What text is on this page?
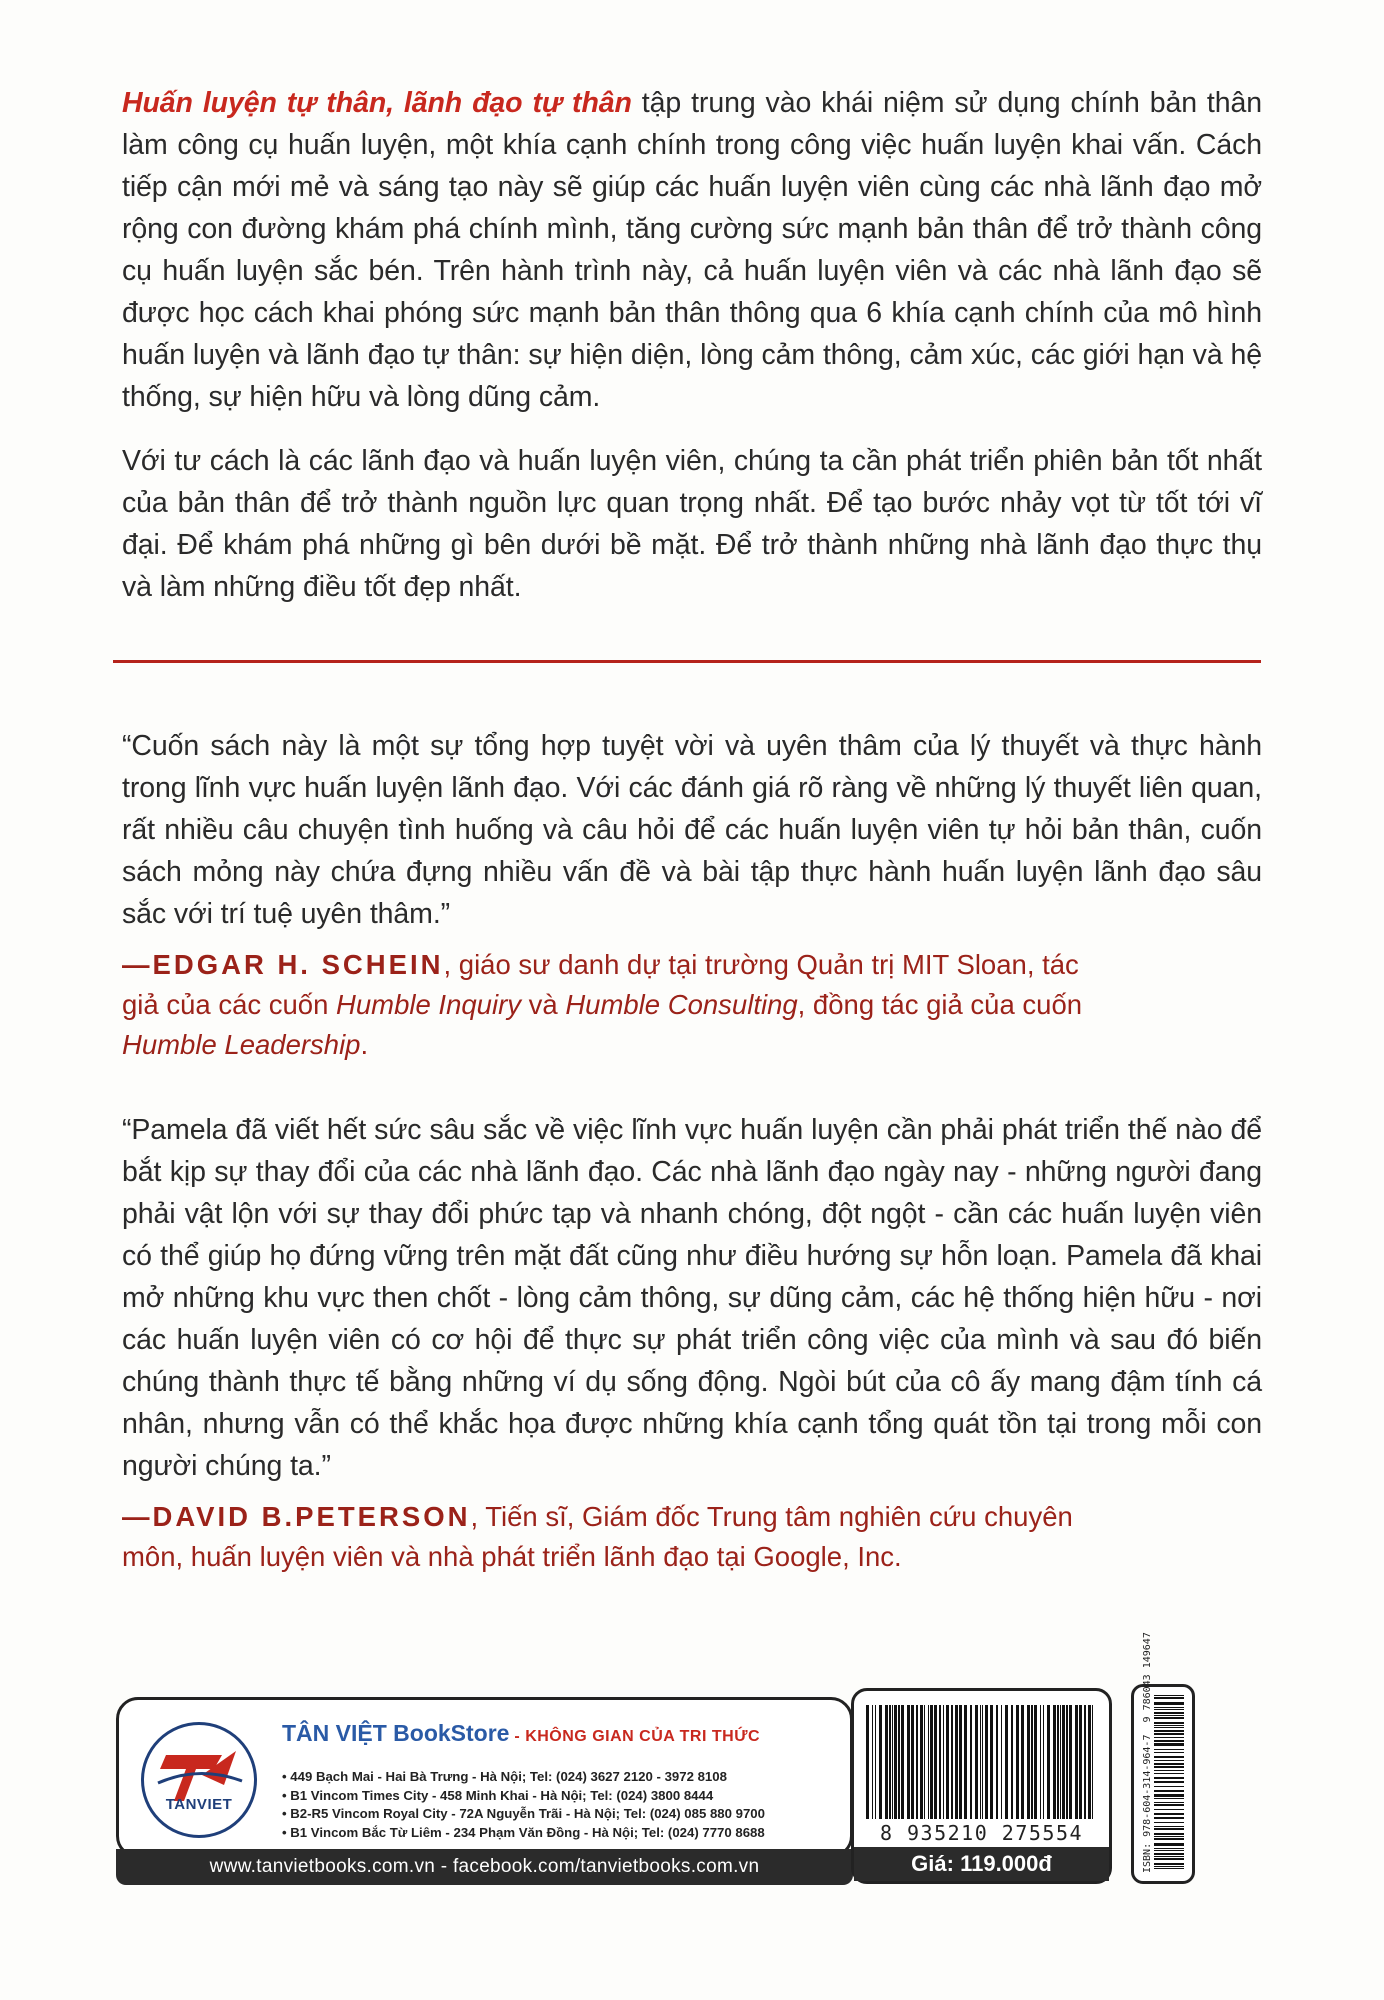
Huấn luyện tự thân, lãnh đạo tự thân tập trung vào khái niệm sử dụng chính bản thân làm công cụ huấn luyện, một khía cạnh chính trong công việc huấn luyện khai vấn. Cách tiếp cận mới mẻ và sáng tạo này sẽ giúp các huấn luyện viên cùng các nhà lãnh đạo mở rộng con đường khám phá chính mình, tăng cường sức mạnh bản thân để trở thành công cụ huấn luyện sắc bén. Trên hành trình này, cả huấn luyện viên và các nhà lãnh đạo sẽ được học cách khai phóng sức mạnh bản thân thông qua 6 khía cạnh chính của mô hình huấn luyện và lãnh đạo tự thân: sự hiện diện, lòng cảm thông, cảm xúc, các giới hạn và hệ thống, sự hiện hữu và lòng dũng cảm.

Với tư cách là các lãnh đạo và huấn luyện viên, chúng ta cần phát triển phiên bản tốt nhất của bản thân để trở thành nguồn lực quan trọng nhất. Để tạo bước nhảy vọt từ tốt tới vĩ đại. Để khám phá những gì bên dưới bề mặt. Để trở thành những nhà lãnh đạo thực thụ và làm những điều tốt đẹp nhất.

“Cuốn sách này là một sự tổng hợp tuyệt vời và uyên thâm của lý thuyết và thực hành trong lĩnh vực huấn luyện lãnh đạo. Với các đánh giá rõ ràng về những lý thuyết liên quan, rất nhiều câu chuyện tình huống và câu hỏi để các huấn luyện viên tự hỏi bản thân, cuốn sách mỏng này chứa đựng nhiều vấn đề và bài tập thực hành huấn luyện lãnh đạo sâu sắc với trí tuệ uyên thâm.”

—EDGAR H. SCHEIN, giáo sư danh dự tại trường Quản trị MIT Sloan, tác giả của các cuốn Humble Inquiry và Humble Consulting, đồng tác giả của cuốn Humble Leadership.

“Pamela đã viết hết sức sâu sắc về việc lĩnh vực huấn luyện cần phải phát triển thế nào để bắt kịp sự thay đổi của các nhà lãnh đạo. Các nhà lãnh đạo ngày nay - những người đang phải vật lộn với sự thay đổi phức tạp và nhanh chóng, đột ngột - cần các huấn luyện viên có thể giúp họ đứng vững trên mặt đất cũng như điều hướng sự hỗn loạn. Pamela đã khai mở những khu vực then chốt - lòng cảm thông, sự dũng cảm, các hệ thống hiện hữu - nơi các huấn luyện viên có cơ hội để thực sự phát triển công việc của mình và sau đó biến chúng thành thực tế bằng những ví dụ sống động. Ngòi bút của cô ấy mang đậm tính cá nhân, nhưng vẫn có thể khắc họa được những khía cạnh tổng quát tồn tại trong mỗi con người chúng ta.”

—DAVID B.PETERSON, Tiến sĩ, Giám đốc Trung tâm nghiên cứu chuyên môn, huấn luyện viên và nhà phát triển lãnh đạo tại Google, Inc.

TANVIET
TÂN VIỆT BookStore - KHÔNG GIAN CỦA TRI THỨC
• 449 Bạch Mai - Hai Bà Trưng - Hà Nội; Tel: (024) 3627 2120 - 3972 8108
• B1 Vincom Times City - 458 Minh Khai - Hà Nội; Tel: (024) 3800 8444
• B2-R5 Vincom Royal City - 72A Nguyễn Trãi - Hà Nội; Tel: (024) 085 880 9700
• B1 Vincom Bắc Từ Liêm - 234 Phạm Văn Đồng - Hà Nội; Tel: (024) 7770 8688
www.tanvietbooks.com.vn - facebook.com/tanvietbooks.com.vn
8 935210 275554
Giá: 119.000đ	ISBN: 978-604-314-964-7  9 786043 149647
